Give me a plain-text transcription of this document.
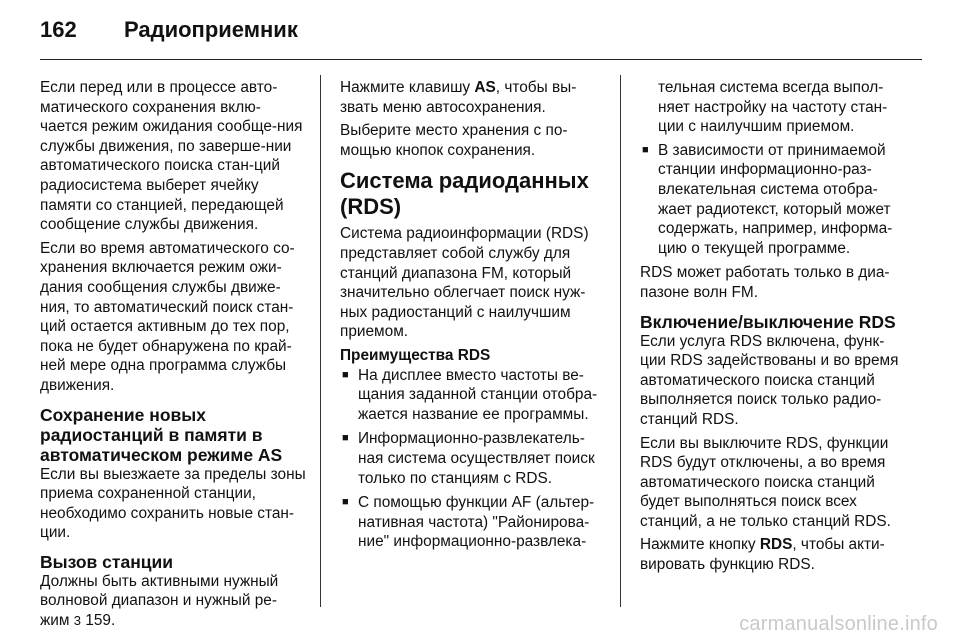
162 Радиоприемник

Если перед или в процессе авто-матического сохранения вклю-чается режим ожидания сообще-ния службы движения, по заверше-нии автоматического поиска стан-ций радиосистема выберет ячейку памяти со станцией, передающей сообщение службы движения.

Если во время автоматического со-хранения включается режим ожи-дания сообщения службы движе-ния, то автоматический поиск стан-ций остается активным до тех пор, пока не будет обнаружена по край-ней мере одна программа службы движения.

Сохранение новых радиостанций в памяти в автоматическом режиме AS

Если вы выезжаете за пределы зоны приема сохраненной станции, необходимо сохранить новые стан-ции.

Вызов станции

Должны быть активными нужный волновой диапазон и нужный ре-жим 3 159.

Нажмите клавишу AS, чтобы вы-звать меню автосохранения.

Выберите место хранения с по-мощью кнопок сохранения.

Система радиоданных (RDS)

Система радиоинформации (RDS) представляет собой службу для станций диапазона FM, который значительно облегчает поиск нуж-ных радиостанций с наилучшим приемом.

Преимущества RDS
■ На дисплее вместо частоты ве-щания заданной станции отобра-жается название ее программы.
■ Информационно-развлекатель-ная система осуществляет поиск только по станциям с RDS.
■ С помощью функции AF (альтер-нативная частота) "Районирова-ние" информационно-развлека-

тельная система всегда выпол-няет настройку на частоту стан-ции с наилучшим приемом.

■ В зависимости от принимаемой станции информационно-раз-влекательная система отобра-жает радиотекст, который может содержать, например, информа-цию о текущей программе.

RDS может работать только в диа-пазоне волн FM.

Включение/выключение RDS

Если услуга RDS включена, функ-ции RDS задействованы и во время автоматического поиска станций выполняется поиск только радио-станций RDS.

Если вы выключите RDS, функции RDS будут отключены, а во время автоматического поиска станций будет выполняться поиск всех станций, а не только станций RDS.

Нажмите кнопку RDS, чтобы акти-вировать функцию RDS.

carmanualsonline.info
